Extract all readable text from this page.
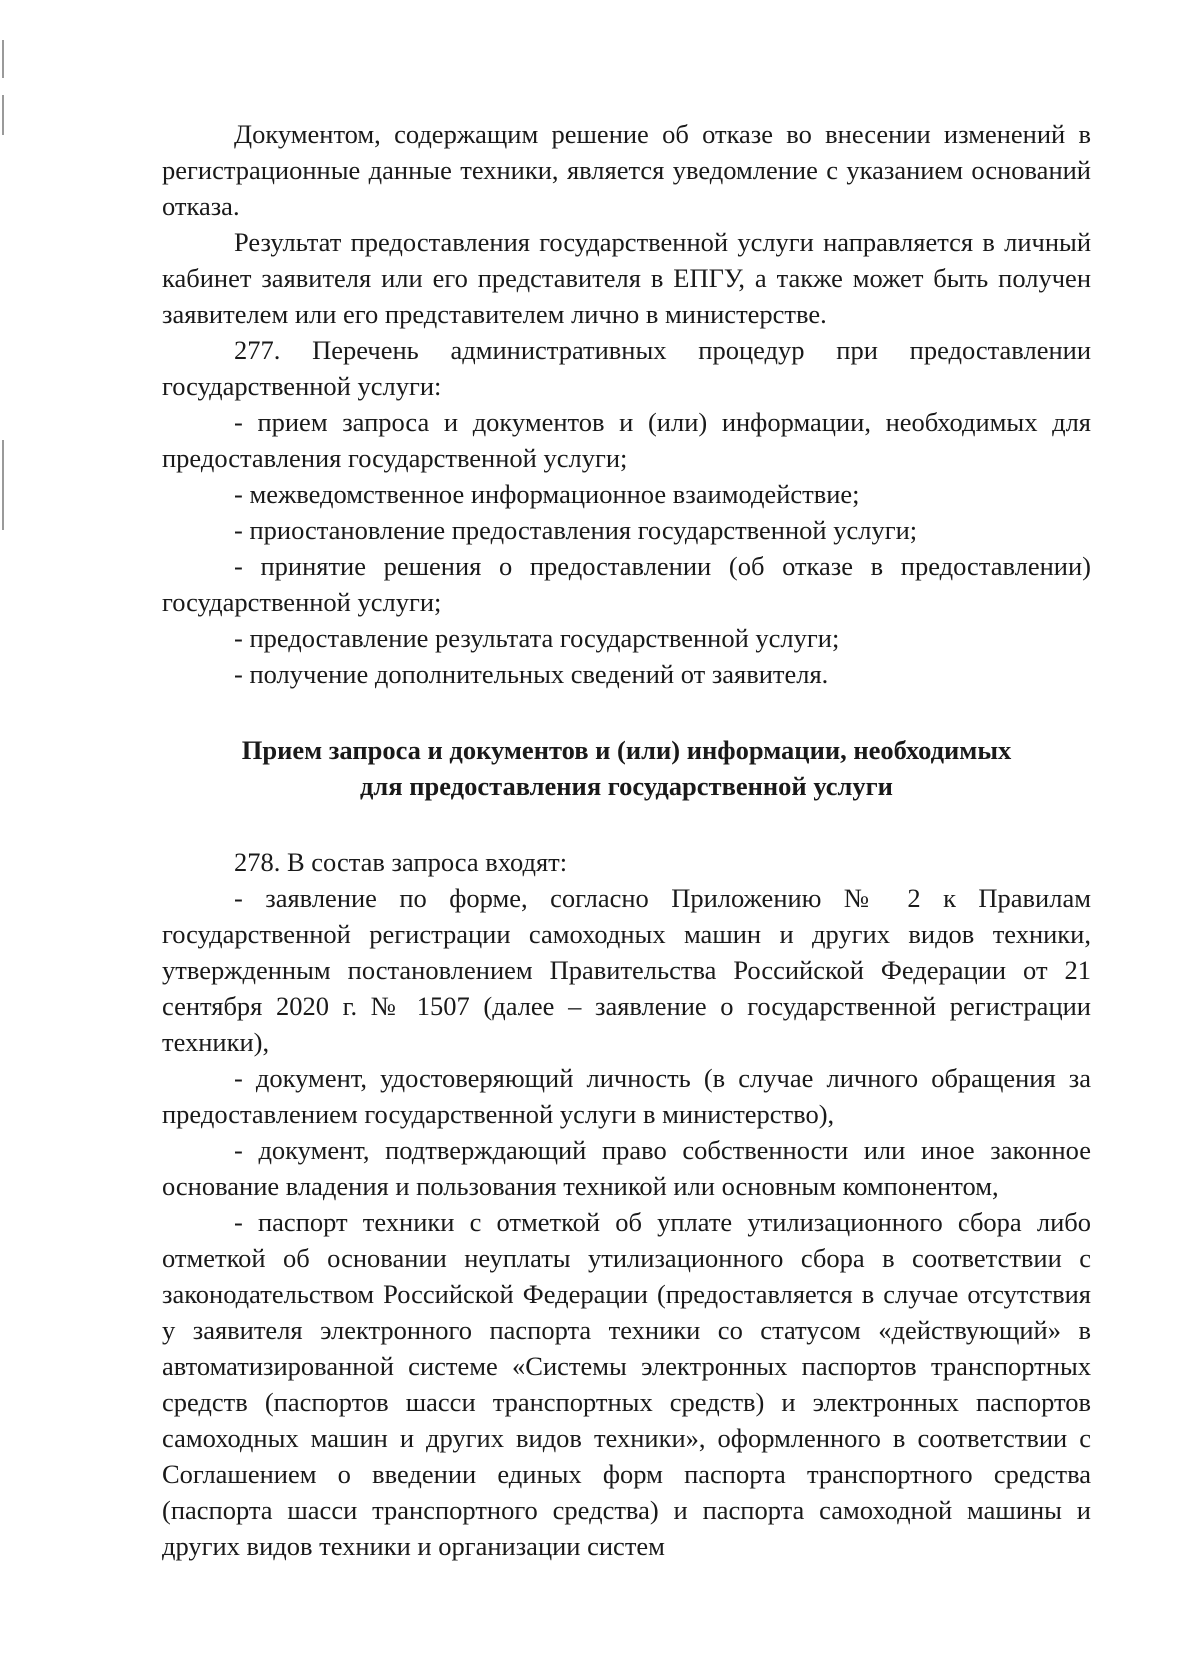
Документом, содержащим решение об отказе во внесении изменений в регистрационные данные техники, является уведомление с указанием оснований отказа.

Результат предоставления государственной услуги направляется в личный кабинет заявителя или его представителя в ЕПГУ, а также может быть получен заявителем или его представителем лично в министерстве.

277. Перечень административных процедур при предоставлении государственной услуги:

- прием запроса и документов и (или) информации, необходимых для предоставления государственной услуги;

- межведомственное информационное взаимодействие;

- приостановление предоставления государственной услуги;

- принятие решения о предоставлении (об отказе в предоставлении) государственной услуги;

- предоставление результата государственной услуги;

- получение дополнительных сведений от заявителя.

Прием запроса и документов и (или) информации, необходимых
для предоставления государственной услуги

278. В состав запроса входят:

- заявление по форме, согласно Приложению № 2 к Правилам государственной регистрации самоходных машин и других видов техники, утвержденным постановлением Правительства Российской Федерации от 21 сентября 2020 г. № 1507 (далее – заявление о государственной регистрации техники),

- документ, удостоверяющий личность (в случае личного обращения за предоставлением государственной услуги в министерство),

- документ, подтверждающий право собственности или иное законное основание владения и пользования техникой или основным компонентом,

- паспорт техники с отметкой об уплате утилизационного сбора либо отметкой об основании неуплаты утилизационного сбора в соответствии с законодательством Российской Федерации (предоставляется в случае отсутствия у заявителя электронного паспорта техники со статусом «действующий» в автоматизированной системе «Системы электронных паспортов транспортных средств (паспортов шасси транспортных средств) и электронных паспортов самоходных машин и других видов техники», оформленного в соответствии с Соглашением о введении единых форм паспорта транспортного средства (паспорта шасси транспортного средства) и паспорта самоходной машины и других видов техники и организации систем
